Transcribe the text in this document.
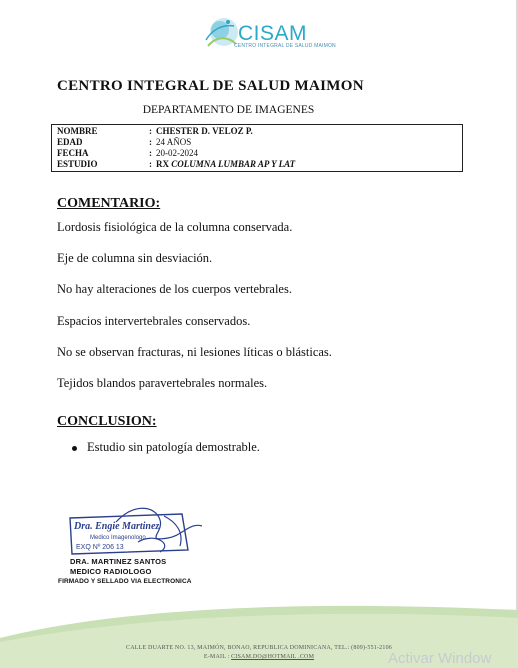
CISAM
CENTRO INTEGRAL DE SALUD MAIMON
CENTRO INTEGRAL DE SALUD MAIMON
DEPARTAMENTO DE IMAGENES
NOMBRE	: CHESTER D. VELOZ P.
EDAD	: 24 AÑOS
FECHA	: 20-02-2024
ESTUDIO	: RX COLUMNA LUMBAR AP Y LAT
COMENTARIO:
Lordosis fisiológica de la columna conservada.
Eje de columna sin desviación.
No hay alteraciones de los cuerpos vertebrales.
Espacios intervertebrales conservados.
No se observan fracturas, ni lesiones líticas o blásticas.
Tejidos blandos paravertebrales normales.
CONCLUSION:
Estudio sin patología demostrable.
Dra. Engie Martinez
Medico Imagenologo
EXQ Nº 206 13
DRA. MARTINEZ SANTOS
MEDICO RADIOLOGO
FIRMADO Y SELLADO VIA ELECTRONICA
CALLE DUARTE NO. 13, MAIMÓN, BONAO, REPUBLICA DOMINICANA, TEL.: (809)-551-2106
E-MAIL : CISAM.DO@HOTMAIL .COM	Activar Window
